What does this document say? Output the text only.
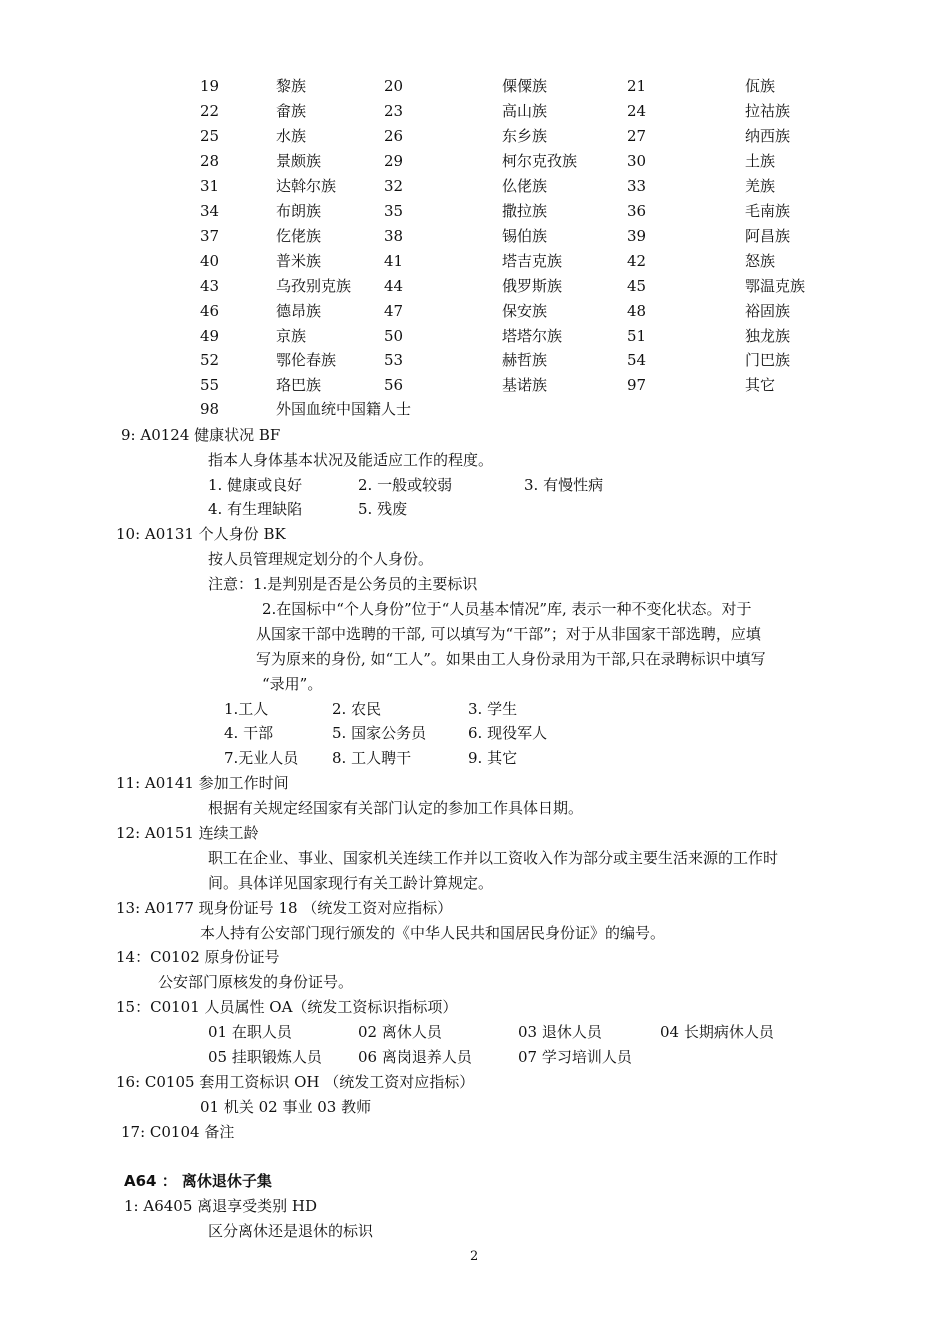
19	黎族	20	傈僳族	21	佤族
22	畲族	23	高山族	24	拉祜族
25	水族	26	东乡族	27	纳西族
28	景颇族	29	柯尔克孜族	30	土族
31	达斡尔族	32	仫佬族	33	羌族
34	布朗族	35	撒拉族	36	毛南族
37	仡佬族	38	锡伯族	39	阿昌族
40	普米族	41	塔吉克族	42	怒族
43	乌孜别克族 44	俄罗斯族	45	鄂温克族
46	德昂族	47	保安族	48	裕固族
49	京族	50	塔塔尔族	51	独龙族
52	鄂伦春族	53	赫哲族	54	门巴族
55	珞巴族	56	基诺族	97	其它
98	外国血统中国籍人士
9: A0124 健康状况 BF
指本人身体基本状况及能适应工作的程度。
1. 健康或良好	2. 一般或较弱	3. 有慢性病
4. 有生理缺陷	5. 残废
10: A0131 个人身份 BK
按人员管理规定划分的个人身份。
注意：1.是判别是否是公务员的主要标识
2.在国标中“个人身份”位于“人员基本情况”库, 表示一种不变化状态。对于
从国家干部中选聘的干部, 可以填写为“干部”；对于从非国家干部选聘，应填
写为原来的身份, 如“工人”。如果由工人身份录用为干部,只在录聘标识中填写
“录用”。
1.工人	2. 农民	3. 学生
4. 干部	5. 国家公务员	6. 现役军人
7.无业人员 8. 工人聘干	9. 其它
11: A0141 参加工作时间
根据有关规定经国家有关部门认定的参加工作具体日期。
12: A0151 连续工龄
职工在企业、事业、国家机关连续工作并以工资收入作为部分或主要生活来源的工作时
间。具体详见国家现行有关工龄计算规定。
13: A0177 现身份证号 18 （统发工资对应指标）
本人持有公安部门现行颁发的《中华人民共和国居民身份证》的编号。
14：C0102 原身份证号
公安部门原核发的身份证号。
15：C0101 人员属性 OA（统发工资标识指标项）
01 在职人员	02 离休人员	03 退休人员	04 长期病休人员
05 挂职锻炼人员 06 离岗退养人员	07 学习培训人员
16: C0105 套用工资标识 OH （统发工资对应指标）
01 机关 02 事业 03 教师
17: C0104 备注
A64 ： 离休退休子集
1: A6405 离退享受类别 HD
区分离休还是退休的标识
2
